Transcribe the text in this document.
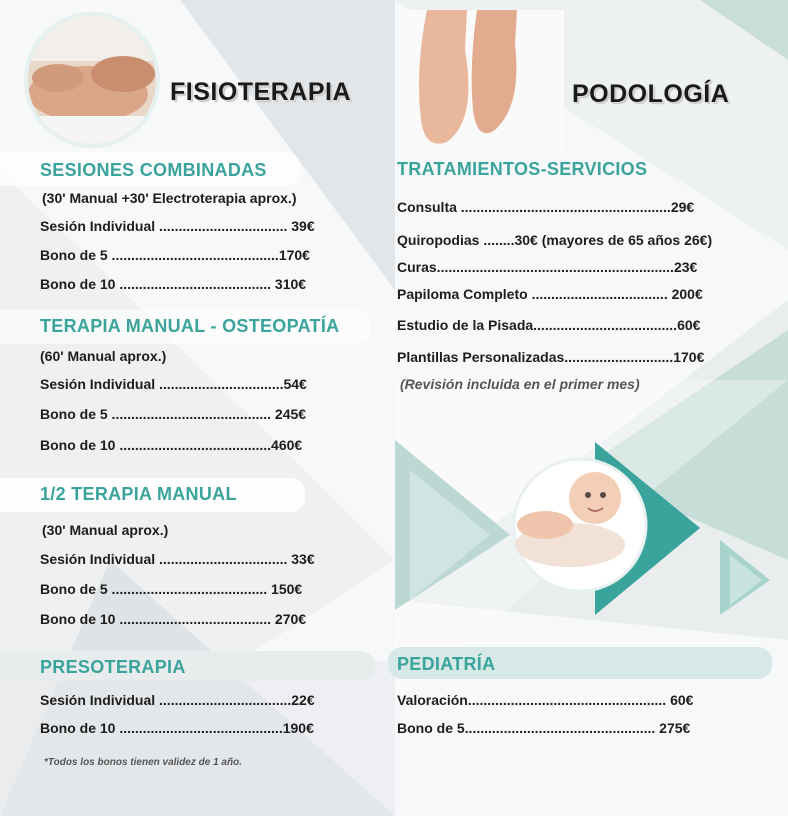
FISIOTERAPIA	PODOLOGÍA
SESIONES COMBINADAS
(30' Manual +30' Electroterapia aprox.)
Sesión Individual ................................. 39€
Bono de 5 ...........................................170€
Bono de 10 ....................................... 310€
TERAPIA MANUAL - OSTEOPATÍA
(60' Manual aprox.)
Sesión Individual ................................54€
Bono de 5 ......................................... 245€
Bono de 10 .......................................460€
1/2 TERAPIA MANUAL
(30' Manual aprox.)
Sesión Individual ................................. 33€
Bono de 5 ........................................ 150€
Bono de 10 ....................................... 270€
PRESOTERAPIA
Sesión Individual ..................................22€
Bono de 10 ..........................................190€
*Todos los bonos tienen validez de 1 año.
TRATAMIENTOS-SERVICIOS
Consulta ......................................................29€
Quiropodias ........30€ (mayores de 65 años 26€)
Curas.............................................................23€
Papiloma Completo ................................... 200€
Estudio de la Pisada.....................................60€
Plantillas Personalizadas............................170€
(Revisión incluida en el primer mes)
PEDIATRÍA
Valoración................................................... 60€
Bono de 5................................................. 275€
